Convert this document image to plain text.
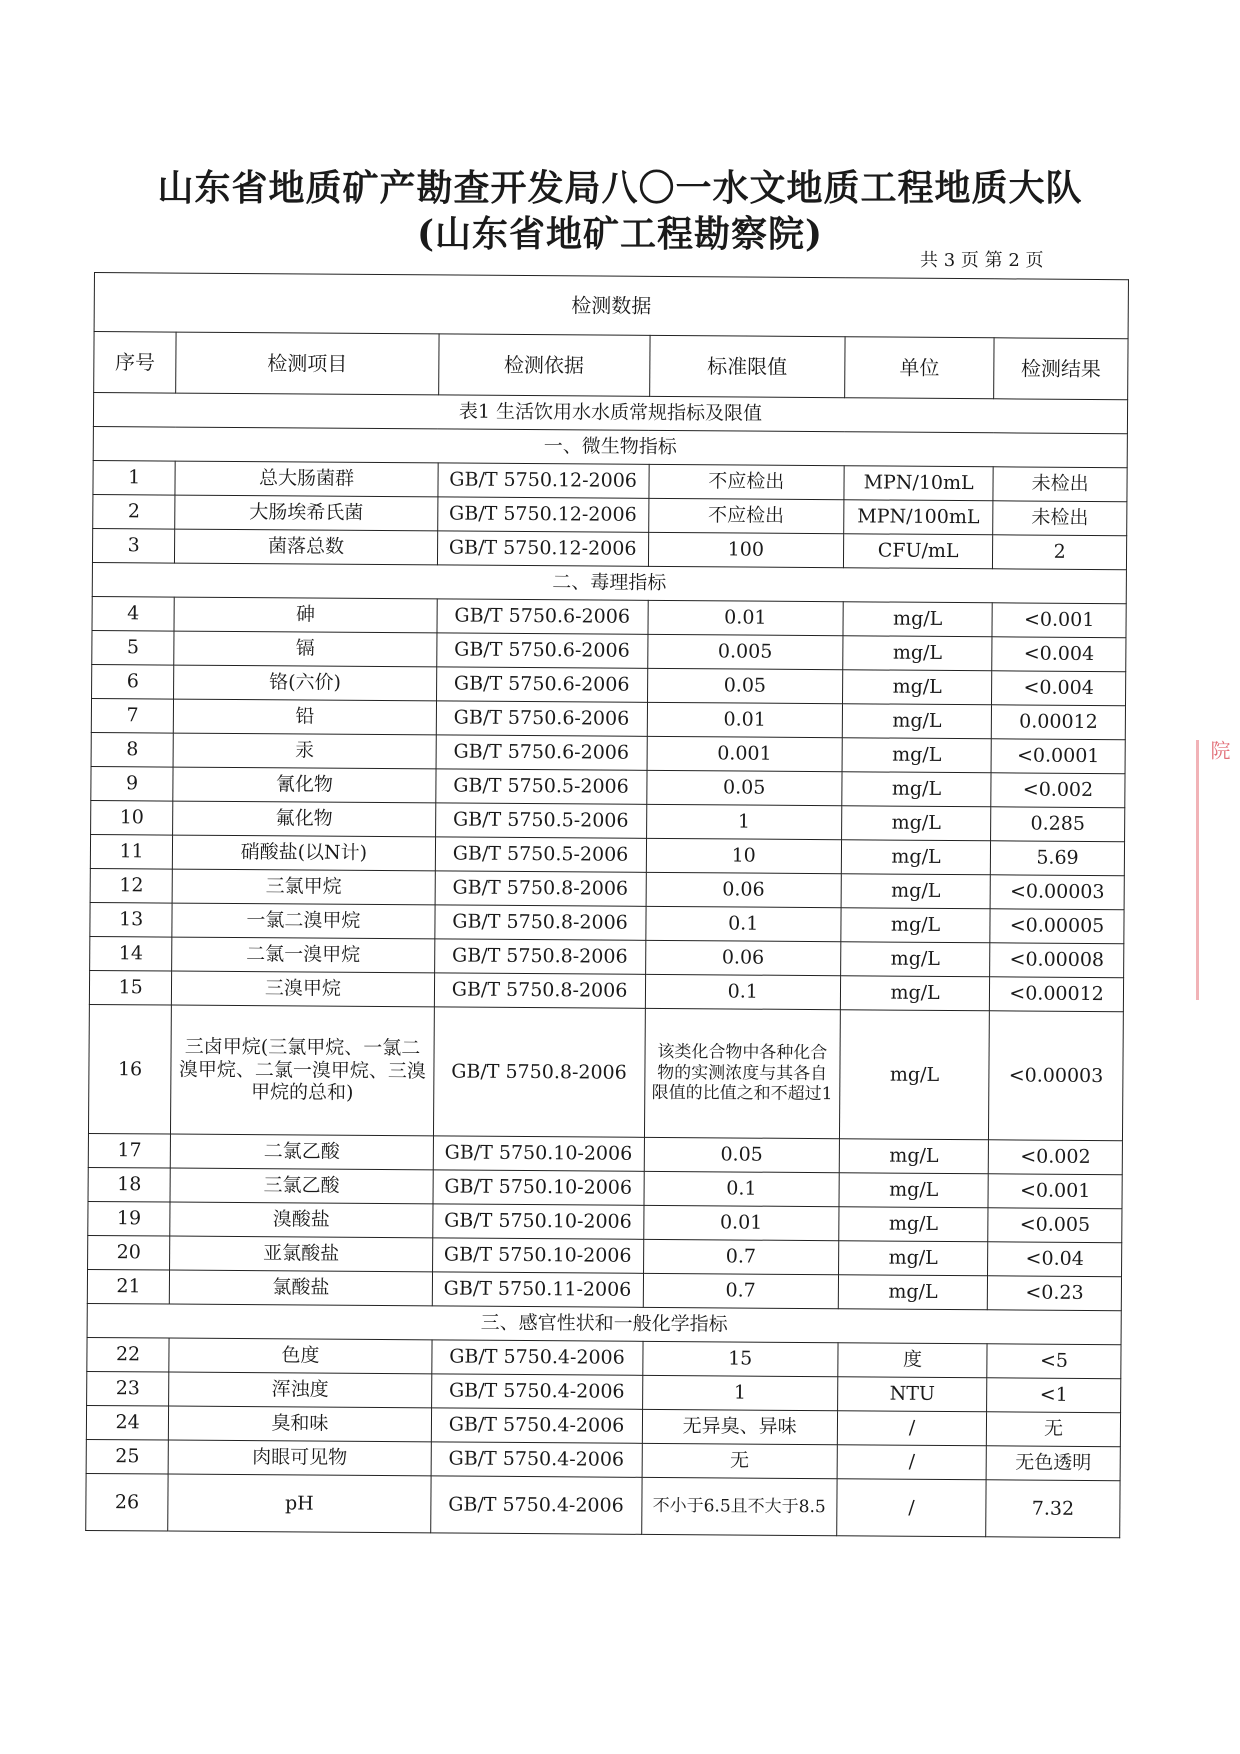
山东省地质矿产勘查开发局八〇一水文地质工程地质大队
(山东省地矿工程勘察院)
共 3 页 第 2 页
检测数据					
序号	检测项目	检测依据	标准限值	单位	检测结果
表1 生活饮用水水质常规指标及限值					
一、微生物指标					
1	总大肠菌群	GB/T 5750.12-2006	不应检出	MPN/10mL	未检出
2	大肠埃希氏菌	GB/T 5750.12-2006	不应检出	MPN/100mL	未检出
3	菌落总数	GB/T 5750.12-2006	100	CFU/mL	2
二、毒理指标					
4	砷	GB/T 5750.6-2006	0.01	mg/L	<0.001
5	镉	GB/T 5750.6-2006	0.005	mg/L	<0.004
6	铬(六价)	GB/T 5750.6-2006	0.05	mg/L	<0.004
7	铅	GB/T 5750.6-2006	0.01	mg/L	0.00012
8	汞	GB/T 5750.6-2006	0.001	mg/L	<0.0001
9	氰化物	GB/T 5750.5-2006	0.05	mg/L	<0.002
10	氟化物	GB/T 5750.5-2006	1	mg/L	0.285
11	硝酸盐(以N计)	GB/T 5750.5-2006	10	mg/L	5.69
12	三氯甲烷	GB/T 5750.8-2006	0.06	mg/L	<0.00003
13	一氯二溴甲烷	GB/T 5750.8-2006	0.1	mg/L	<0.00005
14	二氯一溴甲烷	GB/T 5750.8-2006	0.06	mg/L	<0.00008
15	三溴甲烷	GB/T 5750.8-2006	0.1	mg/L	<0.00012
16	三卤甲烷(三氯甲烷、一氯二溴甲烷、二氯一溴甲烷、三溴甲烷的总和)	GB/T 5750.8-2006	该类化合物中各种化合物的实测浓度与其各自限值的比值之和不超过1	mg/L	<0.00003
17	二氯乙酸	GB/T 5750.10-2006	0.05	mg/L	<0.002
18	三氯乙酸	GB/T 5750.10-2006	0.1	mg/L	<0.001
19	溴酸盐	GB/T 5750.10-2006	0.01	mg/L	<0.005
20	亚氯酸盐	GB/T 5750.10-2006	0.7	mg/L	<0.04
21	氯酸盐	GB/T 5750.11-2006	0.7	mg/L	<0.23
三、感官性状和一般化学指标					
22	色度	GB/T 5750.4-2006	15	度	<5
23	浑浊度	GB/T 5750.4-2006	1	NTU	<1
24	臭和味	GB/T 5750.4-2006	无异臭、异味	/	无
25	肉眼可见物	GB/T 5750.4-2006	无	/	无色透明
26	pH	GB/T 5750.4-2006	不小于6.5且不大于8.5	/	7.32
院
